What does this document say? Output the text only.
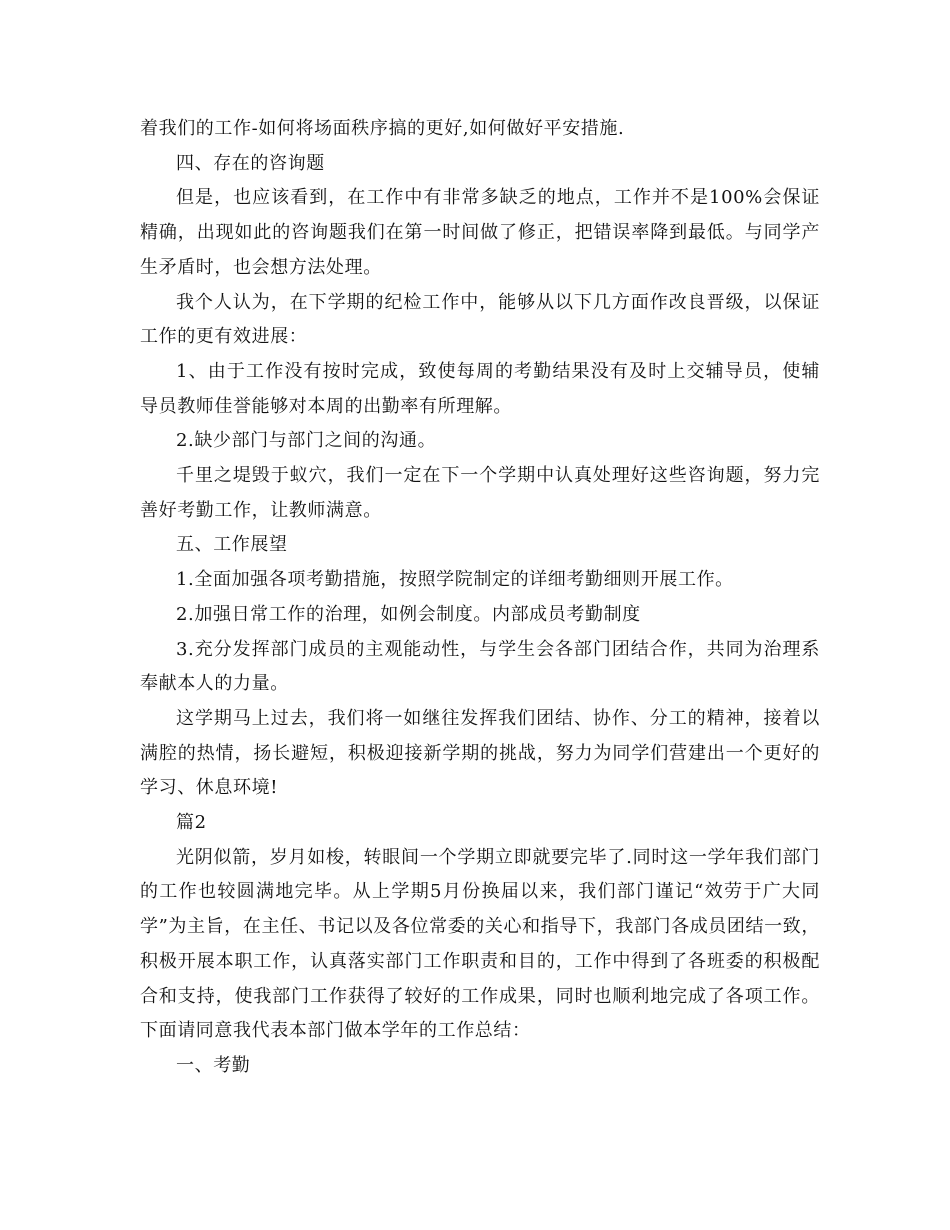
着我们的工作-如何将场面秩序搞的更好,如何做好平安措施.

四、存在的咨询题

但是，也应该看到，在工作中有非常多缺乏的地点，工作并不是100%会保证精确，出现如此的咨询题我们在第一时间做了修正，把错误率降到最低。与同学产生矛盾时，也会想方法处理。

我个人认为，在下学期的纪检工作中，能够从以下几方面作改良晋级，以保证工作的更有效进展：

1、由于工作没有按时完成，致使每周的考勤结果没有及时上交辅导员，使辅导员教师佳誉能够对本周的出勤率有所理解。

2.缺少部门与部门之间的沟通。

千里之堤毁于蚁穴，我们一定在下一个学期中认真处理好这些咨询题，努力完善好考勤工作，让教师满意。

五、工作展望

1.全面加强各项考勤措施，按照学院制定的详细考勤细则开展工作。

2.加强日常工作的治理，如例会制度。内部成员考勤制度

3.充分发挥部门成员的主观能动性，与学生会各部门团结合作，共同为治理系奉献本人的力量。

这学期马上过去，我们将一如继往发挥我们团结、协作、分工的精神，接着以满腔的热情，扬长避短，积极迎接新学期的挑战，努力为同学们营建出一个更好的学习、休息环境!

篇2

光阴似箭，岁月如梭，转眼间一个学期立即就要完毕了.同时这一学年我们部门的工作也较圆满地完毕。从上学期5月份换届以来，我们部门谨记“效劳于广大同学”为主旨，在主任、书记以及各位常委的关心和指导下，我部门各成员团结一致，积极开展本职工作，认真落实部门工作职责和目的，工作中得到了各班委的积极配合和支持，使我部门工作获得了较好的工作成果，同时也顺利地完成了各项工作。下面请同意我代表本部门做本学年的工作总结：

一、考勤
